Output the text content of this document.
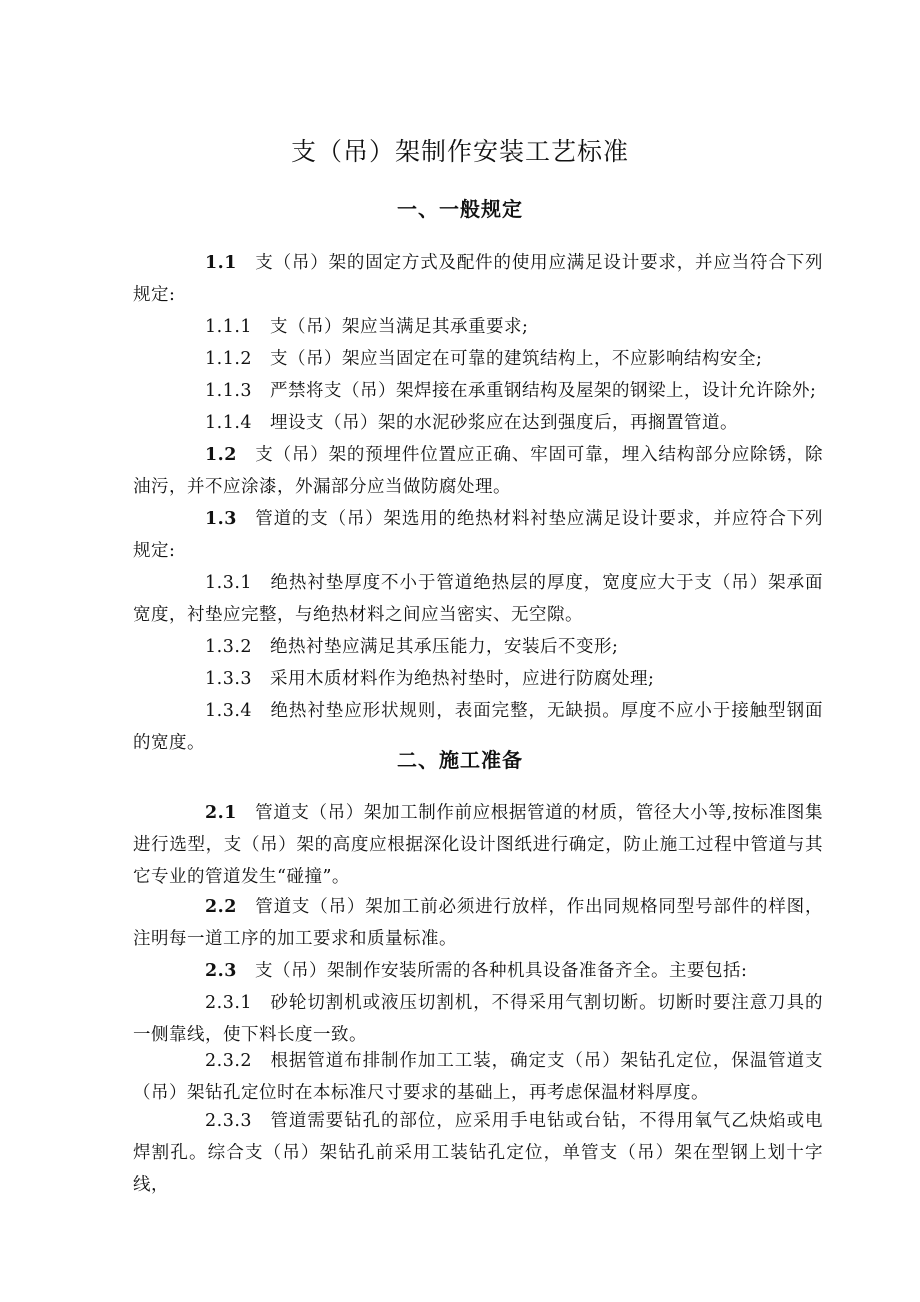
支（吊）架制作安装工艺标准
一、一般规定
1.1 支（吊）架的固定方式及配件的使用应满足设计要求，并应当符合下列规定:
1.1.1 支（吊）架应当满足其承重要求;
1.1.2 支（吊）架应当固定在可靠的建筑结构上，不应影响结构安全;
1.1.3 严禁将支（吊）架焊接在承重钢结构及屋架的钢梁上，设计允许除外;
1.1.4 埋设支（吊）架的水泥砂浆应在达到强度后，再搁置管道。
1.2 支（吊）架的预埋件位置应正确、牢固可靠，埋入结构部分应除锈，除油污，并不应涂漆，外漏部分应当做防腐处理。
1.3 管道的支（吊）架选用的绝热材料衬垫应满足设计要求，并应符合下列规定:
1.3.1 绝热衬垫厚度不小于管道绝热层的厚度，宽度应大于支（吊）架承面宽度，衬垫应完整，与绝热材料之间应当密实、无空隙。
1.3.2 绝热衬垫应满足其承压能力，安装后不变形;
1.3.3 采用木质材料作为绝热衬垫时，应进行防腐处理;
1.3.4 绝热衬垫应形状规则，表面完整，无缺损。厚度不应小于接触型钢面的宽度。
二、施工准备
2.1 管道支（吊）架加工制作前应根据管道的材质，管径大小等,按标准图集进行选型，支（吊）架的高度应根据深化设计图纸进行确定，防止施工过程中管道与其它专业的管道发生“碰撞”。
2.2 管道支（吊）架加工前必须进行放样，作出同规格同型号部件的样图，注明每一道工序的加工要求和质量标准。
2.3 支（吊）架制作安装所需的各种机具设备准备齐全。主要包括:
2.3.1 砂轮切割机或液压切割机，不得采用气割切断。切断时要注意刀具的一侧靠线，使下料长度一致。
2.3.2 根据管道布排制作加工工装，确定支（吊）架钻孔定位，保温管道支（吊）架钻孔定位时在本标准尺寸要求的基础上，再考虑保温材料厚度。
2.3.3 管道需要钻孔的部位，应采用手电钻或台钻，不得用氧气乙炔焰或电焊割孔。综合支（吊）架钻孔前采用工装钻孔定位，单管支（吊）架在型钢上划十字线，
